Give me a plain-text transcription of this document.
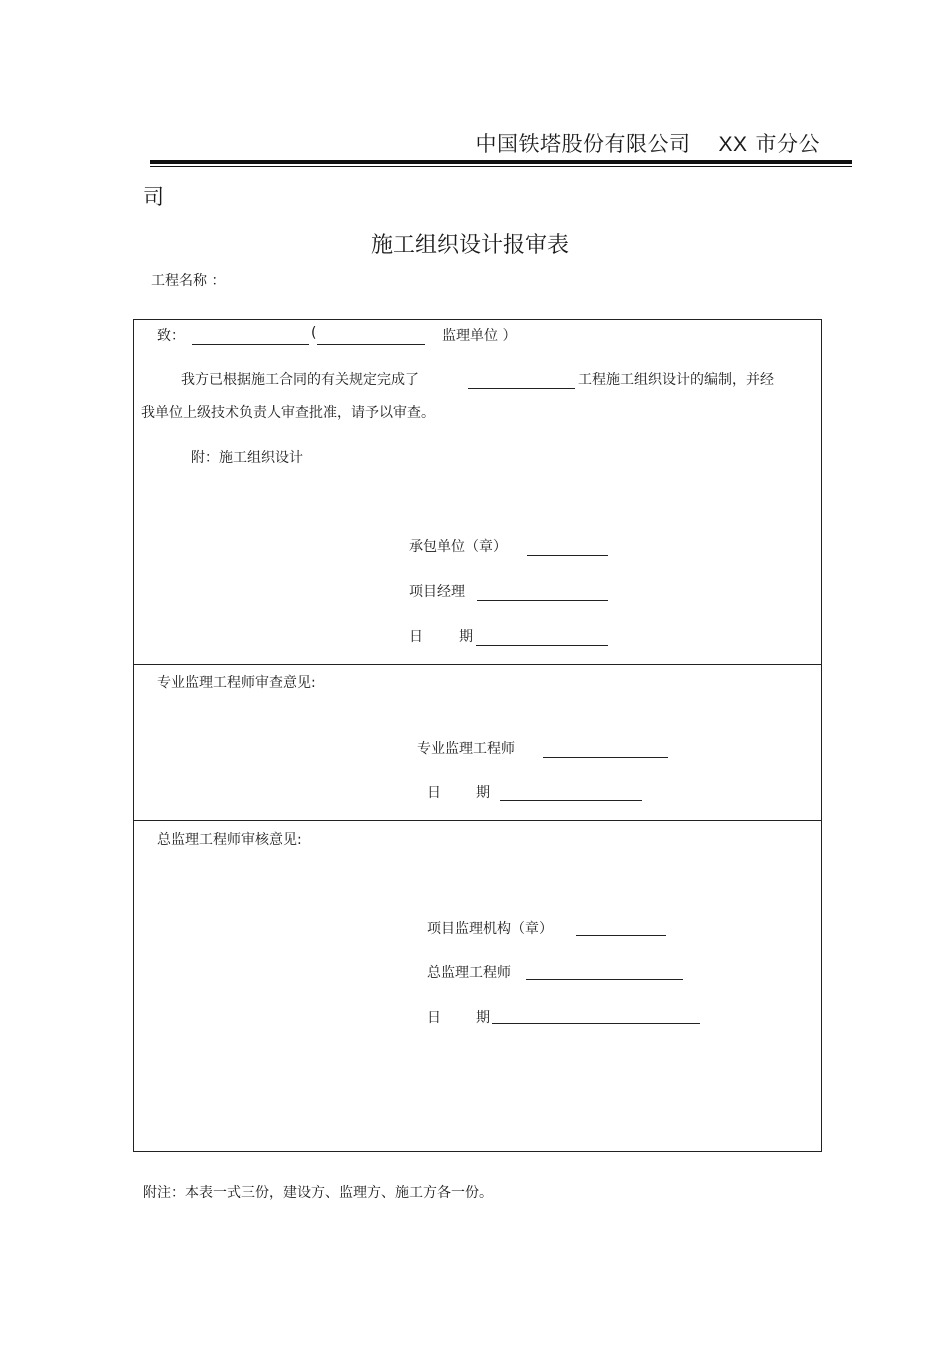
中国铁塔股份有限公司 XX 市分公
司
施工组织设计报审表
工程名称 ：
致：	(	监理单位 ）
我方已根据施工合同的有关规定完成了	工程施工组织设计的编制，并经
我单位上级技术负责人审查批准，请予以审查。
附：施工组织设计
承包单位（章）
项目经理
日	期
专业监理工程师审查意见:
专业监理工程师
日	期
总监理工程师审核意见:
项目监理机构（章）
总监理工程师
日	期
附注：本表一式三份，建设方、监理方、施工方各一份。
